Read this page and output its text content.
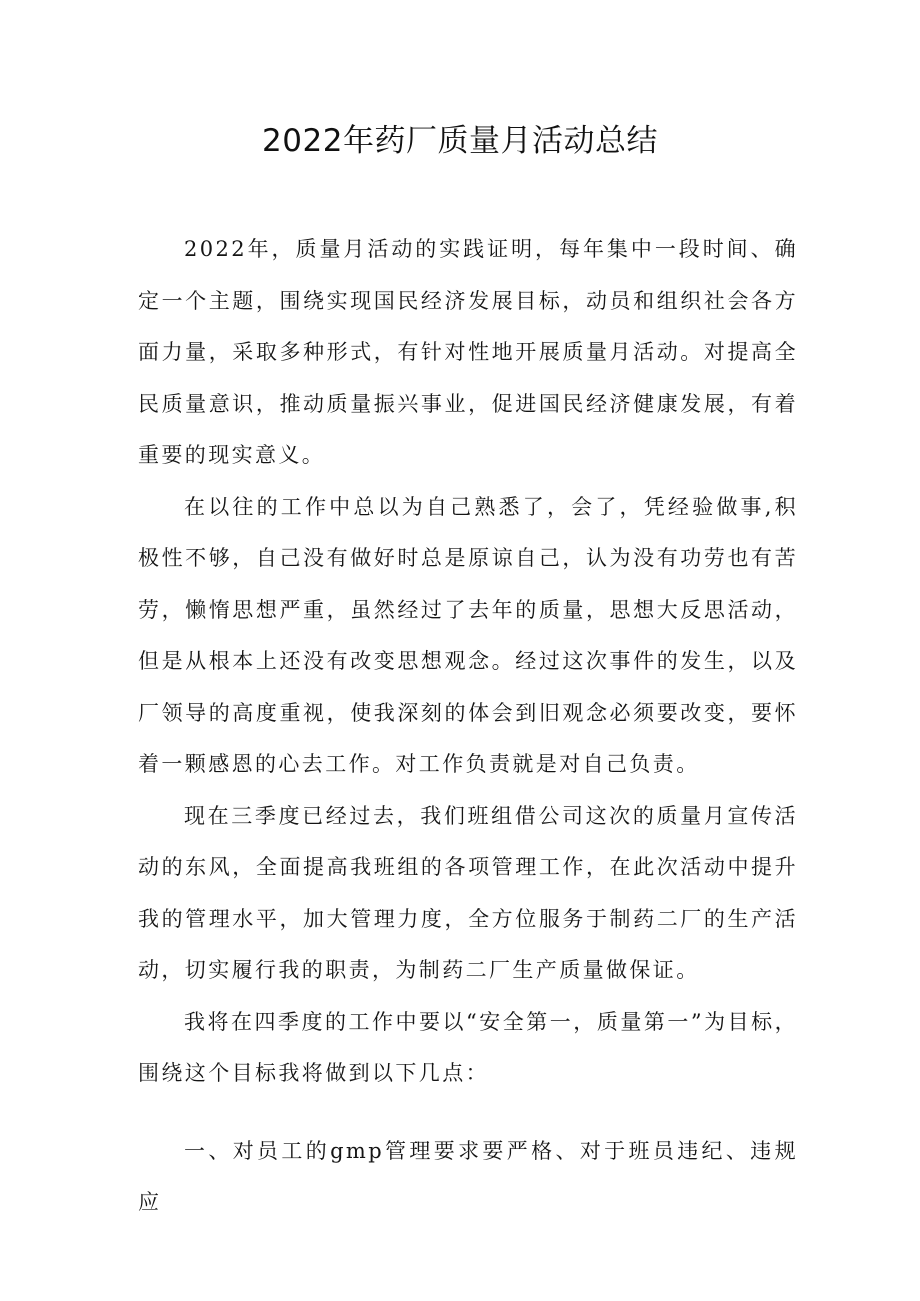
2022年药厂质量月活动总结

2022年，质量月活动的实践证明，每年集中一段时间、确定一个主题，围绕实现国民经济发展目标，动员和组织社会各方面力量，采取多种形式，有针对性地开展质量月活动。对提高全民质量意识，推动质量振兴事业，促进国民经济健康发展，有着重要的现实意义。

在以往的工作中总以为自己熟悉了，会了，凭经验做事,积极性不够，自己没有做好时总是原谅自己，认为没有功劳也有苦劳，懒惰思想严重，虽然经过了去年的质量，思想大反思活动，但是从根本上还没有改变思想观念。经过这次事件的发生，以及厂领导的高度重视，使我深刻的体会到旧观念必须要改变，要怀着一颗感恩的心去工作。对工作负责就是对自己负责。

现在三季度已经过去，我们班组借公司这次的质量月宣传活动的东风，全面提高我班组的各项管理工作，在此次活动中提升我的管理水平，加大管理力度，全方位服务于制药二厂的生产活动，切实履行我的职责，为制药二厂生产质量做保证。

我将在四季度的工作中要以“安全第一，质量第一”为目标，围绕这个目标我将做到以下几点：

一、对员工的gmp管理要求要严格、对于班员违纪、违规应
